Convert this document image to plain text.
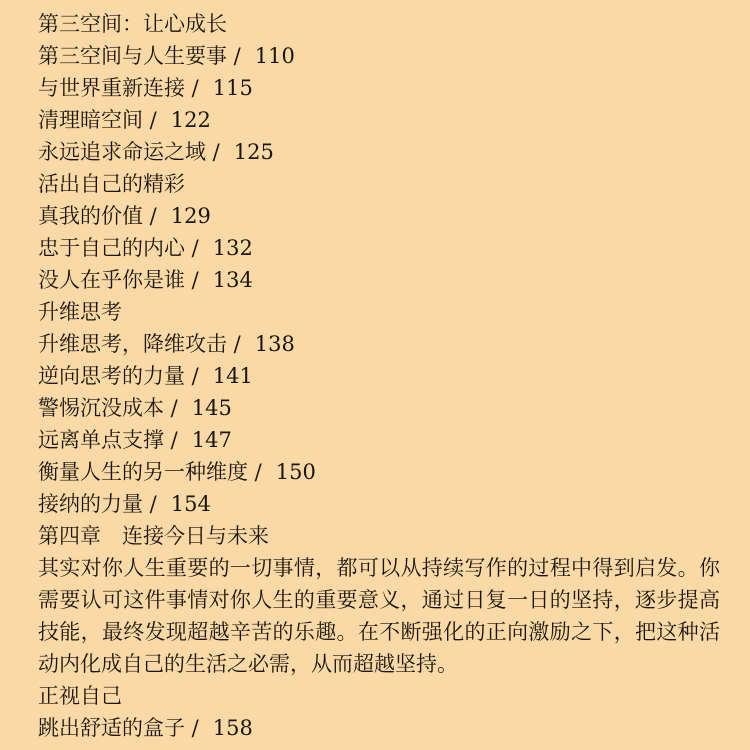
第三空间：让心成长
第三空间与人生要事 / 110
与世界重新连接 / 115
清理暗空间 / 122
永远追求命运之域 / 125
活出自己的精彩
真我的价值 / 129
忠于自己的内心 / 132
没人在乎你是谁 / 134
升维思考
升维思考，降维攻击 / 138
逆向思考的力量 / 141
警惕沉没成本 / 145
远离单点支撑 / 147
衡量人生的另一种维度 / 150
接纳的力量 / 154
第四章　连接今日与未来

其实对你人生重要的一切事情，都可以从持续写作的过程中得到启发。你需要认可这件事情对你人生的重要意义，通过日复一日的坚持，逐步提高技能，最终发现超越辛苦的乐趣。在不断强化的正向激励之下，把这种活动内化成自己的生活之必需，从而超越坚持。

正视自己
跳出舒适的盒子 / 158
